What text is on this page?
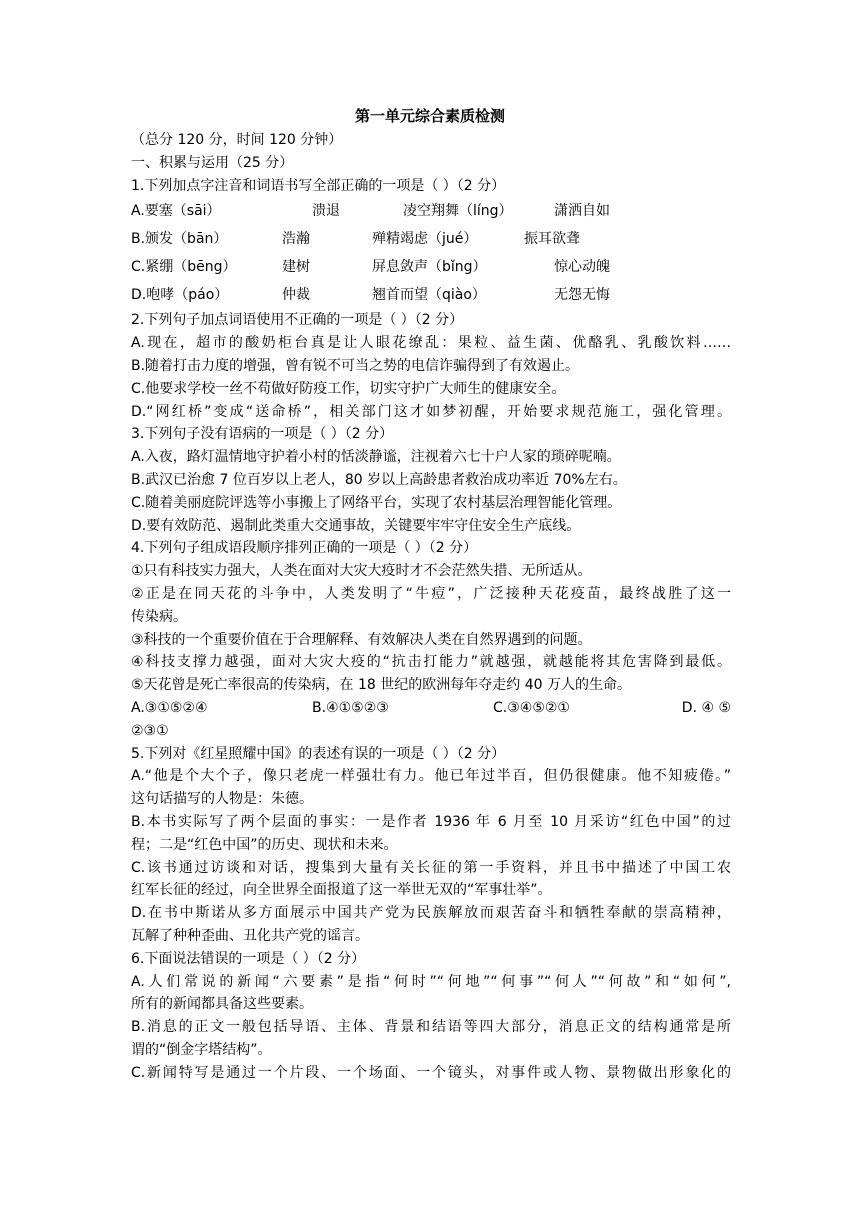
第一单元综合素质检测
（总分 120 分，时间 120 分钟）
一、积累与运用（25 分）
1.下列加点字注音和词语书写全部正确的一项是（ ）（2 分）
A.要塞（sāi）	溃退	凌空翔舞（líng）	潇洒自如
B.颁发（bān）	浩瀚	殚精竭虑（jué）	振耳欲聋
C.紧绷（bēng）	建树	屏息敛声（bǐng）	惊心动魄
D.咆哮（páo）	仲裁	翘首而望（qiào）	无怨无悔
2.下列句子加点词语使用不正确的一项是（ ）（2 分）
A.现在，超市的酸奶柜台真是让人眼花缭乱：果粒、益生菌、优酪乳、乳酸饮料……
B.随着打击力度的增强，曾有锐不可当之势的电信诈骗得到了有效遏止。
C.他要求学校一丝不苟做好防疫工作，切实守护广大师生的健康安全。
D.“网红桥”变成“送命桥”，相关部门这才如梦初醒，开始要求规范施工，强化管理。
3.下列句子没有语病的一项是（ ）（2 分）
A.入夜，路灯温情地守护着小村的恬淡静谧，注视着六七十户人家的琐碎呢喃。
B.武汉已治愈 7 位百岁以上老人，80 岁以上高龄患者救治成功率近 70%左右。
C.随着美丽庭院评选等小事搬上了网络平台，实现了农村基层治理智能化管理。
D.要有效防范、遏制此类重大交通事故，关键要牢牢守住安全生产底线。
4.下列句子组成语段顺序排列正确的一项是（ ）（2 分）
①只有科技实力强大，人类在面对大灾大疫时才不会茫然失措、无所适从。
②正是在同天花的斗争中，人类发明了“牛痘”，广泛接种天花疫苗，最终战胜了这一
传染病。
③科技的一个重要价值在于合理解释、有效解决人类在自然界遇到的问题。
④科技支撑力越强，面对大灾大疫的“抗击打能力”就越强，就越能将其危害降到最低。
⑤天花曾是死亡率很高的传染病，在 18 世纪的欧洲每年夺走约 40 万人的生命。
A.③①⑤②④	B.④①⑤②③	C.③④⑤②①	D. ④ ⑤
②③①
5.下列对《红星照耀中国》的表述有误的一项是（ ）（2 分）
A.“他是个大个子，像只老虎一样强壮有力。他已年过半百，但仍很健康。他不知疲倦。”
这句话描写的人物是：朱德。
B.本书实际写了两个层面的事实：一是作者 1936 年 6 月至 10 月采访“红色中国”的过
程；二是“红色中国”的历史、现状和未来。
C.该书通过访谈和对话，搜集到大量有关长征的第一手资料，并且书中描述了中国工农
红军长征的经过，向全世界全面报道了这一举世无双的“军事壮举”。
D.在书中斯诺从多方面展示中国共产党为民族解放而艰苦奋斗和牺牲奉献的崇高精神，
瓦解了种种歪曲、丑化共产党的谣言。
6.下面说法错误的一项是（ ）（2 分）
A.人们常说的新闻“六要素”是指“何时”“何地”“何事”“何人”“何故”和“如何”,
所有的新闻都具备这些要素。
B.消息的正文一般包括导语、主体、背景和结语等四大部分，消息正文的结构通常是所
谓的“倒金字塔结构”。
C.新闻特写是通过一个片段、一个场面、一个镜头，对事件或人物、景物做出形象化的
